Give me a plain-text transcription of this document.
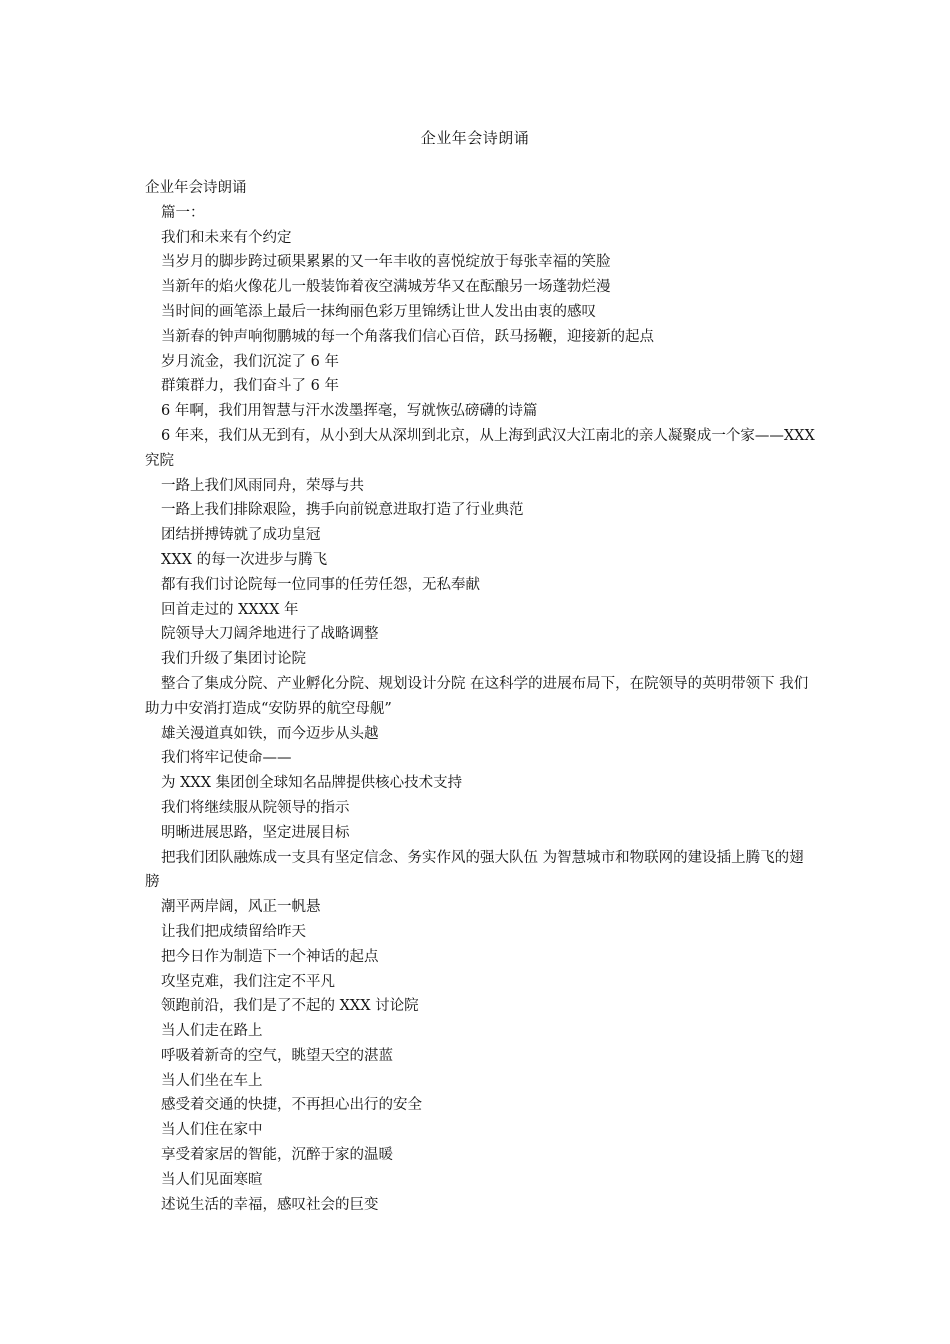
企业年会诗朗诵

企业年会诗朗诵

篇一：

我们和未来有个约定

当岁月的脚步跨过硕果累累的又一年丰收的喜悦绽放于每张幸福的笑脸

当新年的焰火像花儿一般装饰着夜空满城芳华又在酝酿另一场蓬勃烂漫

当时间的画笔添上最后一抹绚丽色彩万里锦绣让世人发出由衷的感叹

当新春的钟声响彻鹏城的每一个角落我们信心百倍，跃马扬鞭，迎接新的起点

岁月流金，我们沉淀了 6 年

群策群力，我们奋斗了 6 年

6 年啊，我们用智慧与汗水泼墨挥毫，写就恢弘磅礴的诗篇

6 年来，我们从无到有，从小到大从深圳到北京，从上海到武汉大江南北的亲人凝聚成一个家——XXX 究院

一路上我们风雨同舟，荣辱与共

一路上我们排除艰险，携手向前锐意进取打造了行业典范

团结拼搏铸就了成功皇冠

XXX 的每一次进步与腾飞

都有我们讨论院每一位同事的任劳任怨，无私奉献

回首走过的 XXXX 年

院领导大刀阔斧地进行了战略调整

我们升级了集团讨论院

整合了集成分院、产业孵化分院、规划设计分院 在这科学的进展布局下，在院领导的英明带领下 我们助力中安消打造成“安防界的航空母舰”

雄关漫道真如铁，而今迈步从头越

我们将牢记使命——

为 XXX 集团创全球知名品牌提供核心技术支持

我们将继续服从院领导的指示

明晰进展思路，坚定进展目标

把我们团队融炼成一支具有坚定信念、务实作风的强大队伍 为智慧城市和物联网的建设插上腾飞的翅膀

潮平两岸阔，风正一帆悬

让我们把成绩留给昨天

把今日作为制造下一个神话的起点

攻坚克难，我们注定不平凡

领跑前沿，我们是了不起的 XXX 讨论院

当人们走在路上

呼吸着新奇的空气，眺望天空的湛蓝

当人们坐在车上

感受着交通的快捷，不再担心出行的安全

当人们住在家中

享受着家居的智能，沉醉于家的温暖

当人们见面寒暄

述说生活的幸福，感叹社会的巨变
